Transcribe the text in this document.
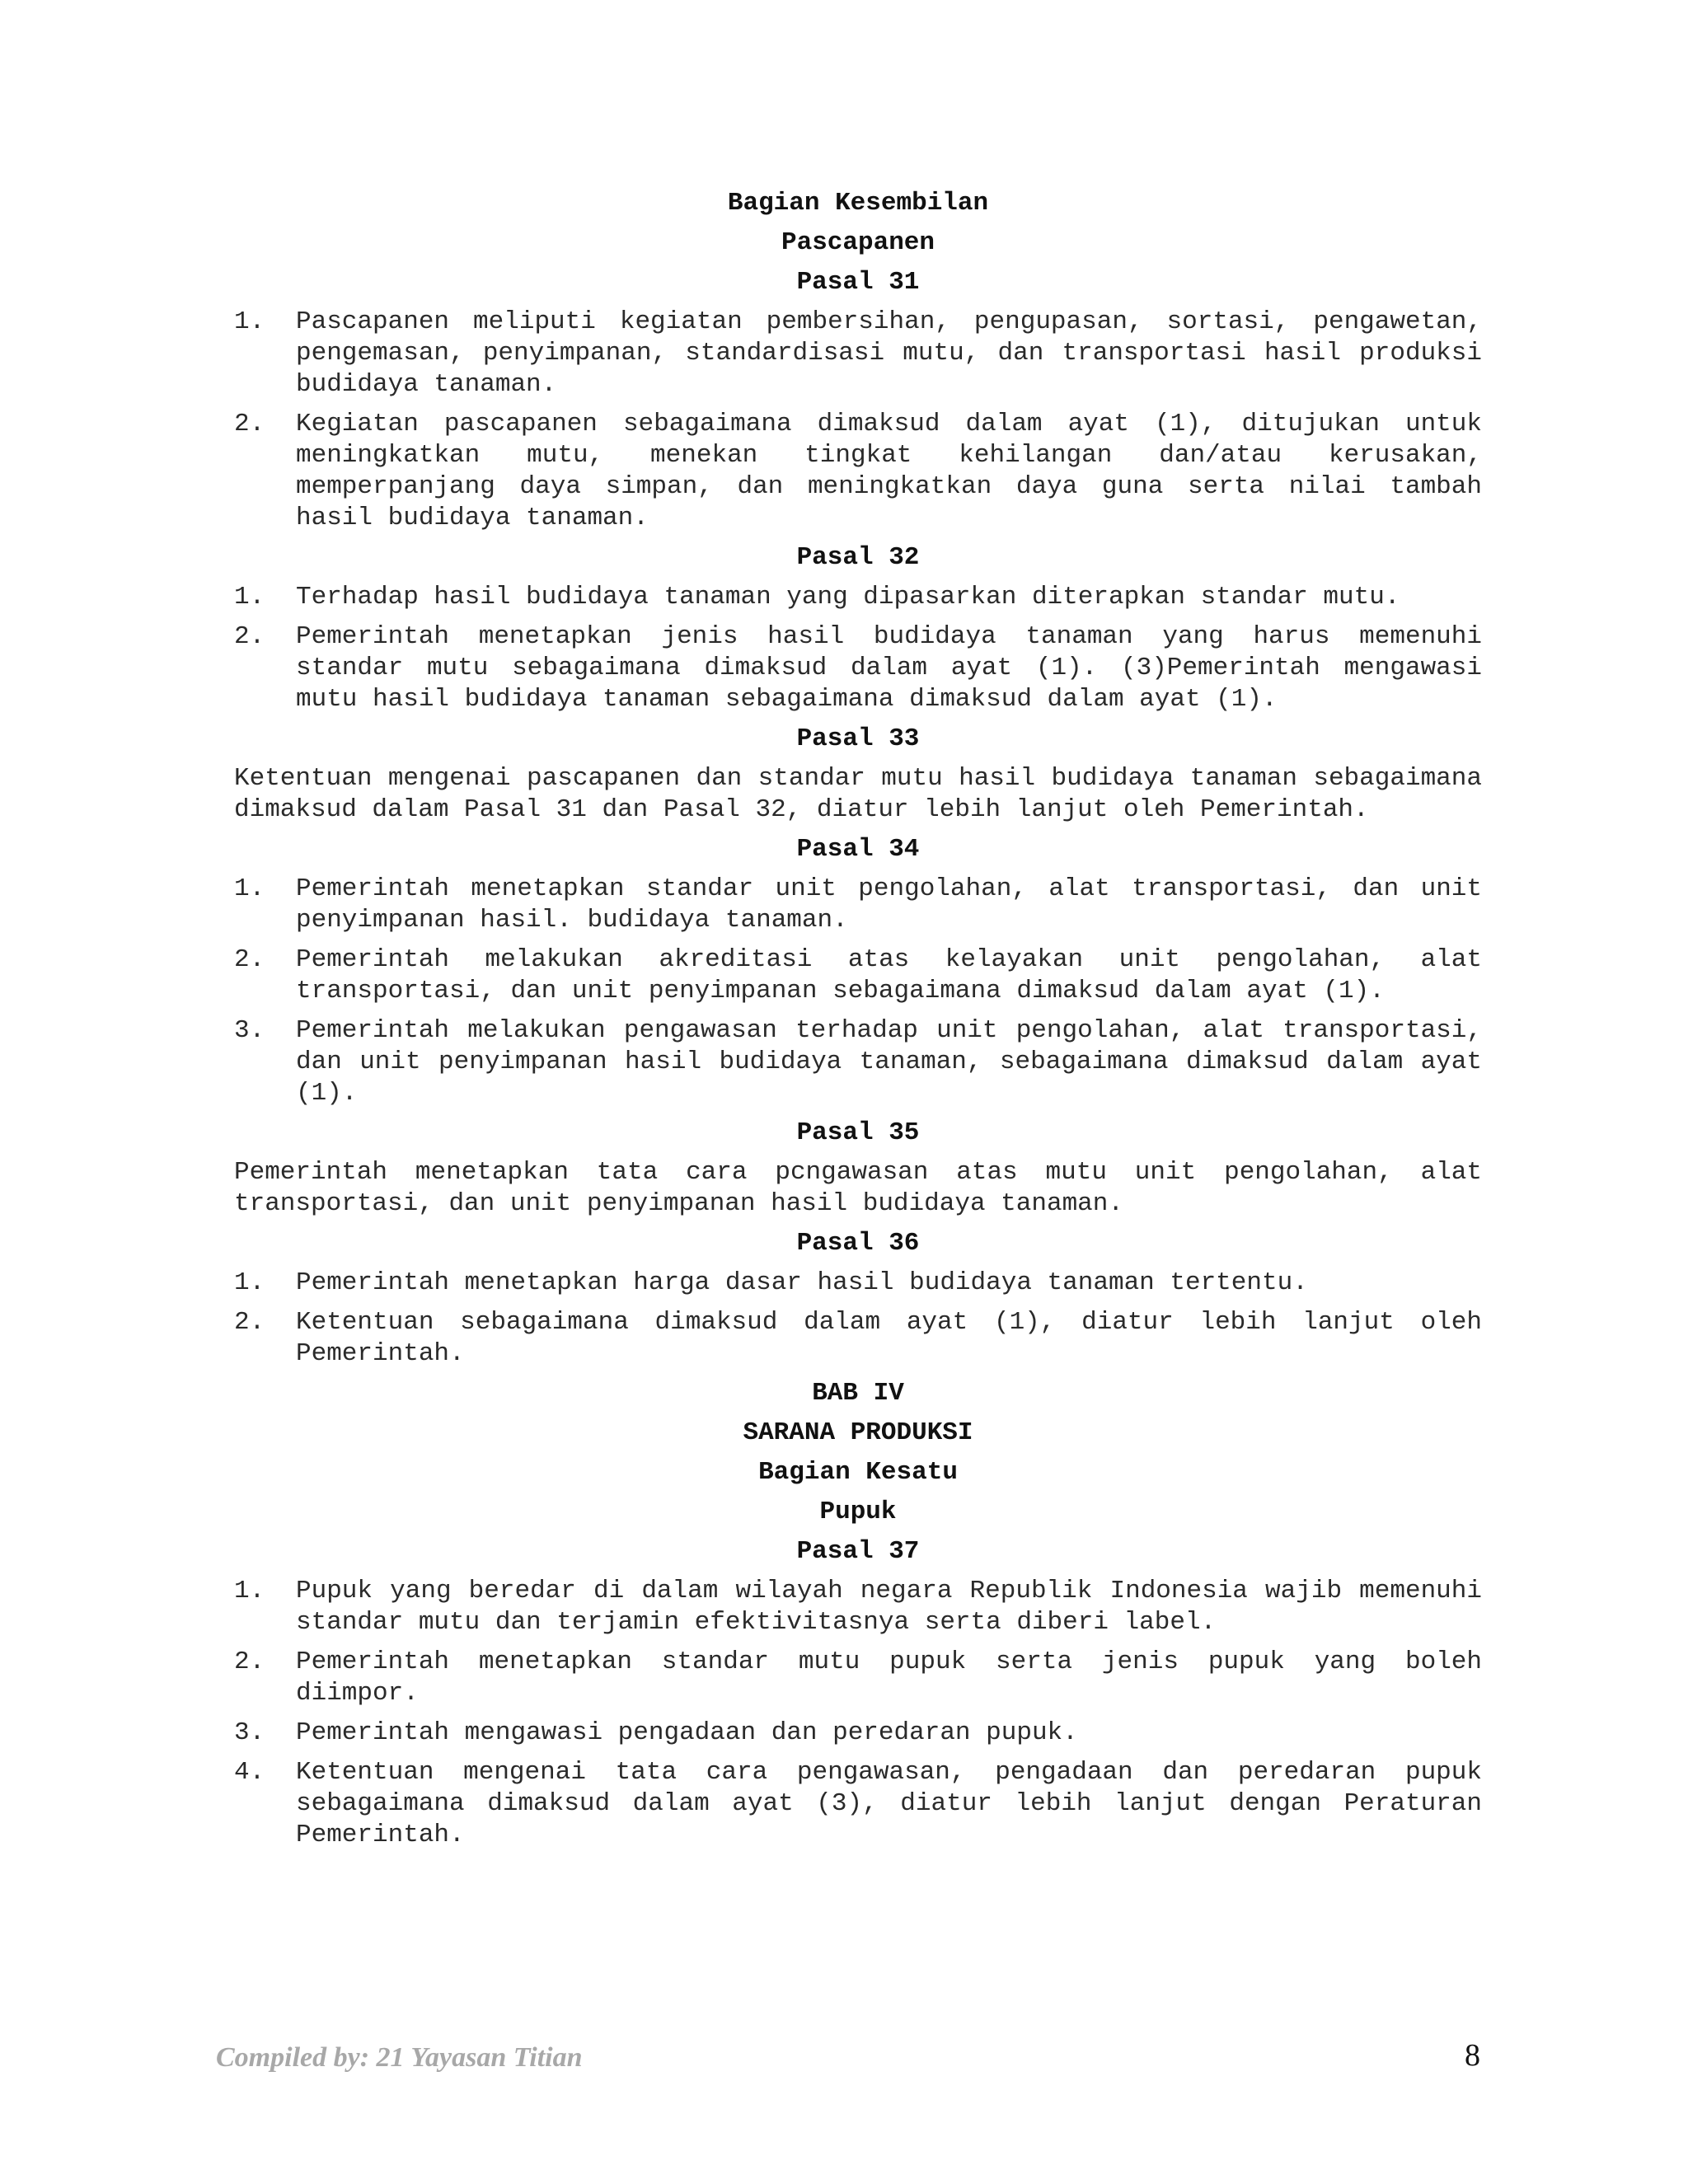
Bagian Kesembilan
Pascapanen
Pasal 31
1. Pascapanen meliputi kegiatan pembersihan, pengupasan, sortasi, pengawetan, pengemasan, penyimpanan, standardisasi mutu, dan transportasi hasil produksi budidaya tanaman.
2. Kegiatan pascapanen sebagaimana dimaksud dalam ayat (1), ditujukan untuk meningkatkan mutu, menekan tingkat kehilangan dan/atau kerusakan, memperpanjang daya simpan, dan meningkatkan daya guna serta nilai tambah hasil budidaya tanaman.
Pasal 32
1. Terhadap hasil budidaya tanaman yang dipasarkan diterapkan standar mutu.
2. Pemerintah menetapkan jenis hasil budidaya tanaman yang harus memenuhi standar mutu sebagaimana dimaksud dalam ayat (1). (3)Pemerintah mengawasi mutu hasil budidaya tanaman sebagaimana dimaksud dalam ayat (1).
Pasal 33

Ketentuan mengenai pascapanen dan standar mutu hasil budidaya tanaman sebagaimana dimaksud dalam Pasal 31 dan Pasal 32, diatur lebih lanjut oleh Pemerintah.

Pasal 34
1. Pemerintah menetapkan standar unit pengolahan, alat transportasi, dan unit penyimpanan hasil. budidaya tanaman.
2. Pemerintah melakukan akreditasi atas kelayakan unit pengolahan, alat transportasi, dan unit penyimpanan sebagaimana dimaksud dalam ayat (1).
3. Pemerintah melakukan pengawasan terhadap unit pengolahan, alat transportasi, dan unit penyimpanan hasil budidaya tanaman, sebagaimana dimaksud dalam ayat (1).
Pasal 35

Pemerintah menetapkan tata cara pcngawasan atas mutu unit pengolahan, alat transportasi, dan unit penyimpanan hasil budidaya tanaman.

Pasal 36
1. Pemerintah menetapkan harga dasar hasil budidaya tanaman tertentu.
2. Ketentuan sebagaimana dimaksud dalam ayat (1), diatur lebih lanjut oleh Pemerintah.
BAB IV
SARANA PRODUKSI
Bagian Kesatu
Pupuk
Pasal 37
1. Pupuk yang beredar di dalam wilayah negara Republik Indonesia wajib memenuhi standar mutu dan terjamin efektivitasnya serta diberi label.
2. Pemerintah menetapkan standar mutu pupuk serta jenis pupuk yang boleh diimpor.
3. Pemerintah mengawasi pengadaan dan peredaran pupuk.
4. Ketentuan mengenai tata cara pengawasan, pengadaan dan peredaran pupuk sebagaimana dimaksud dalam ayat (3), diatur lebih lanjut dengan Peraturan Pemerintah.
Compiled by: 21 Yayasan Titian	8
